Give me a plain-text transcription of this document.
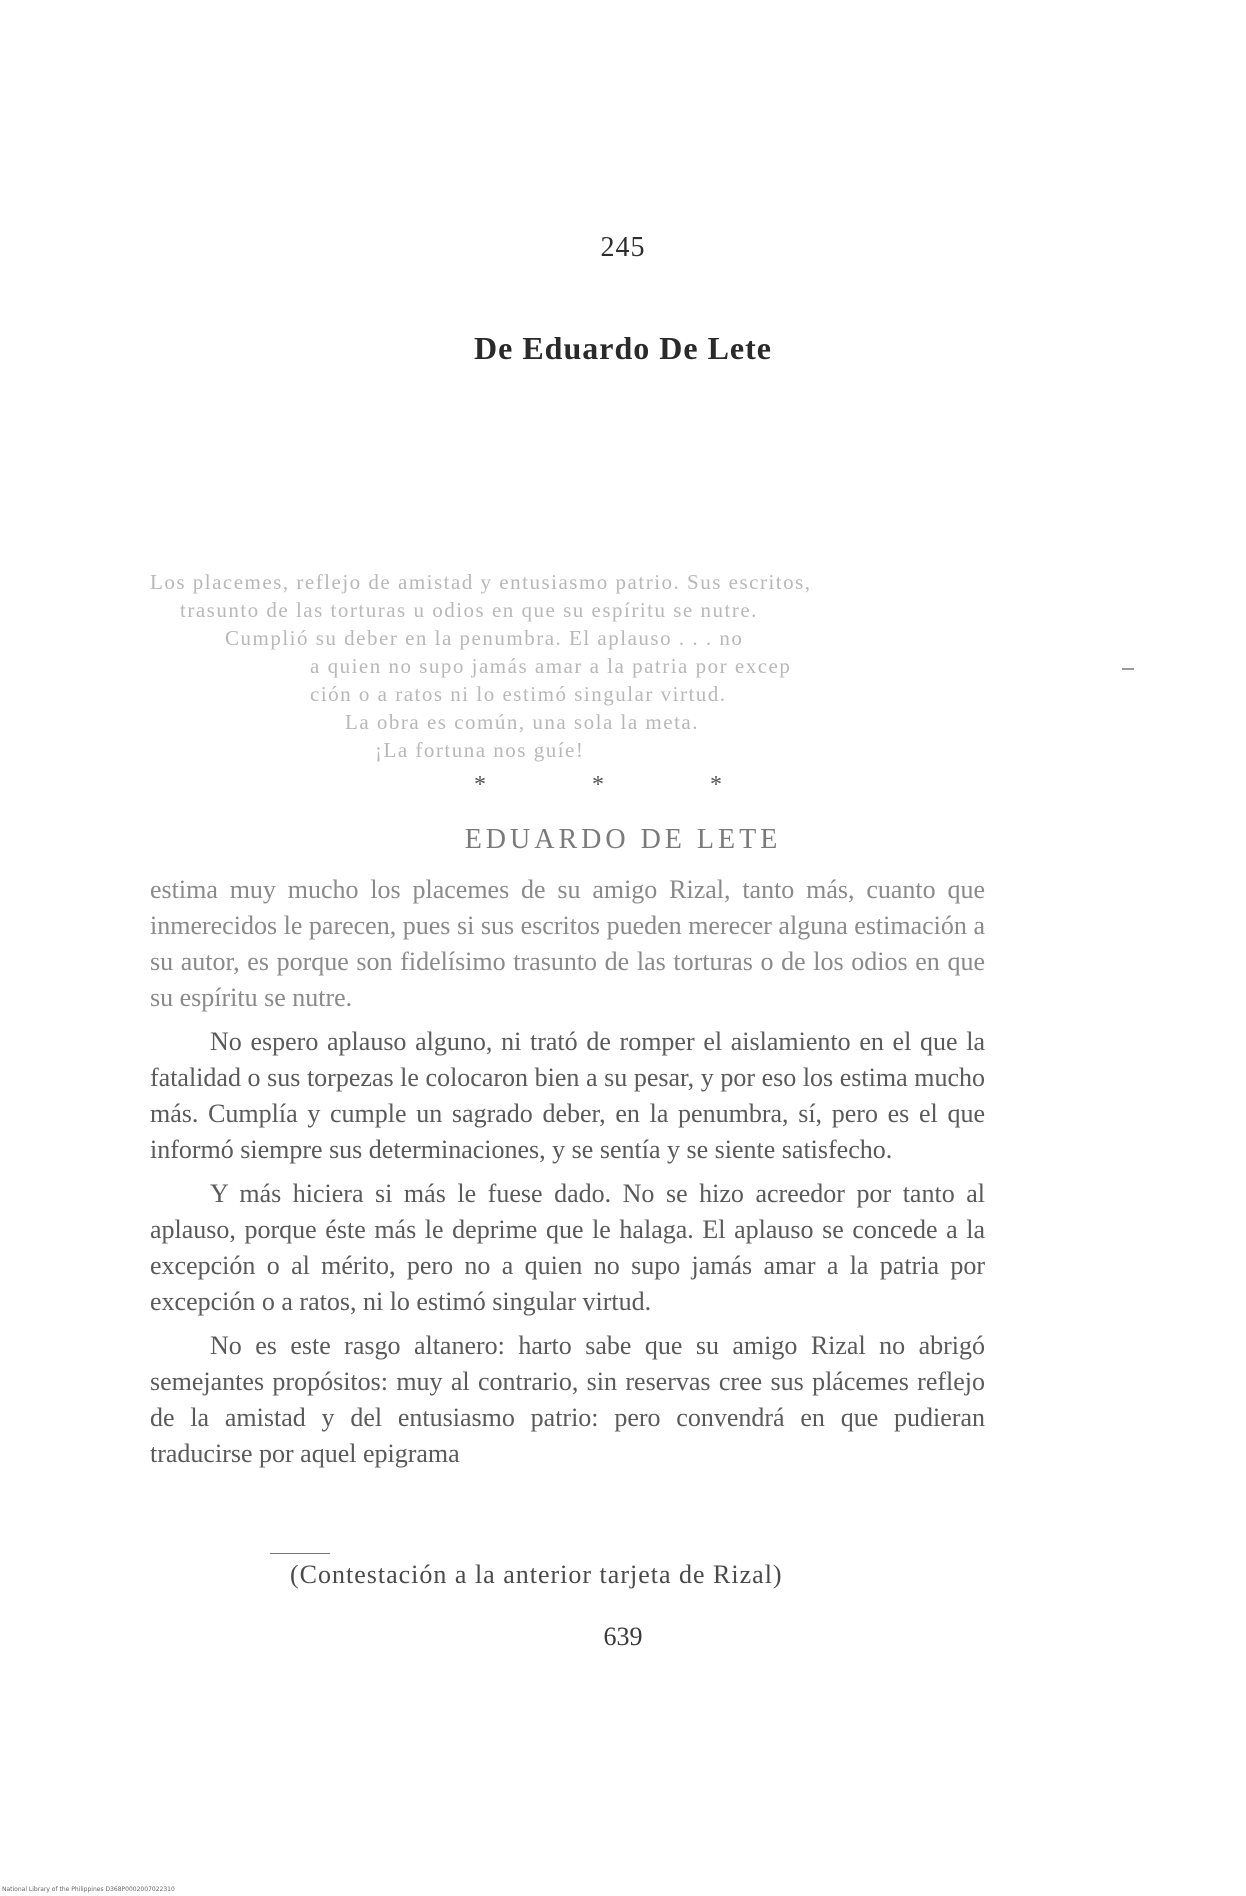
245
De Eduardo De Lete
Los placemes, reflejo de amistad y entusiasmo patrio. Sus escritos,
trasunto de las torturas u odios en que su espíritu se nutre.
Cumplió su deber en la penumbra. El aplauso . . . no
a quien no supo jamás amar a la patria por excep
ción o a ratos ni lo estimó singular virtud.
La obra es común, una sola la meta.
¡La fortuna nos guíe!
* * *
EDUARDO DE LETE

estima muy mucho los placemes de su amigo Rizal, tanto más, cuanto que inmerecidos le parecen, pues si sus escritos pueden merecer alguna estimación a su autor, es porque son fidelísimo trasunto de las torturas o de los odios en que su espíritu se nutre.

No espero aplauso alguno, ni trató de romper el aislamiento en el que la fatalidad o sus torpezas le colocaron bien a su pesar, y por eso los estima mucho más. Cumplía y cumple un sagrado deber, en la penumbra, sí, pero es el que informó siempre sus determinaciones, y se sentía y se siente satisfecho.

Y más hiciera si más le fuese dado. No se hizo acreedor por tanto al aplauso, porque éste más le deprime que le halaga. El aplauso se concede a la excepción o al mérito, pero no a quien no supo jamás amar a la patria por excepción o a ratos, ni lo estimó singular virtud.

No es este rasgo altanero: harto sabe que su amigo Rizal no abrigó semejantes propósitos: muy al contrario, sin reservas cree sus plácemes reflejo de la amistad y del entusiasmo patrio: pero convendrá en que pudieran traducirse por aquel epigrama

(Contestación a la anterior tarjeta de Rizal)
639
National Library of the Philippines D368P0002007022310
